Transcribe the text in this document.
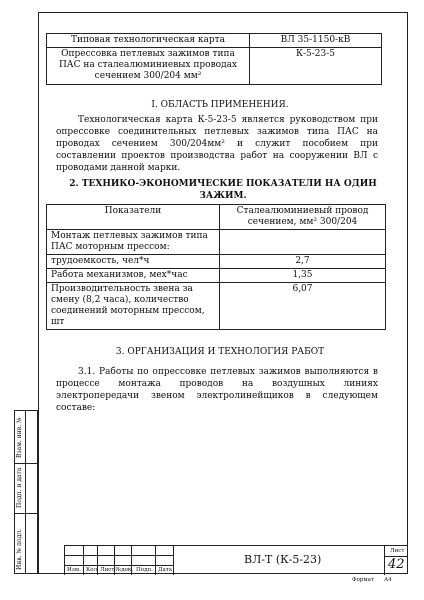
Типовая технологическая карта	ВЛ 35-1150-кВ
Опрессовка петлевых зажимов типа ПАС на сталеалюминиевых проводах сечением 300/204 мм²	К-5-23-5
I. ОБЛАСТЬ ПРИМЕНЕНИЯ.
Технологическая карта К-5-23-5 является руководством при опрессовке соединительных петлевых зажимов типа ПАС на проводах сечением 300/204мм² и служит пособием при составлении проектов производства работ на сооружении ВЛ с проводами данной марки.
2. ТЕХНИКО-ЭКОНОМИЧЕСКИЕ ПОКАЗАТЕЛИ НА ОДИН ЗАЖИМ.
Показатели	Сталеалюминиевый провод сечением, мм² 300/204
Монтаж петлевых зажимов типа ПАС моторным прессом:	
трудоемкость, чел*ч	2,7
Работа механизмов, мех*час	1,35
Производительность звена за смену (8,2 часа), количество соединений моторным прессом, шт	6,07
3. ОРГАНИЗАЦИЯ И ТЕХНОЛОГИЯ РАБОТ
3.1. Работы по опрессовке петлевых зажимов выполняются в процессе монтажа проводов на воздушных линиях электропередачи звеном электролинейщиков в следующем составе:
Взам. инв. №
Подп. и дата
Инв. № подл.	Изм. Кол Лист №док. Подп. Дата
ВЛ-Т (К-5-23)
Лист
42
Формат А4
